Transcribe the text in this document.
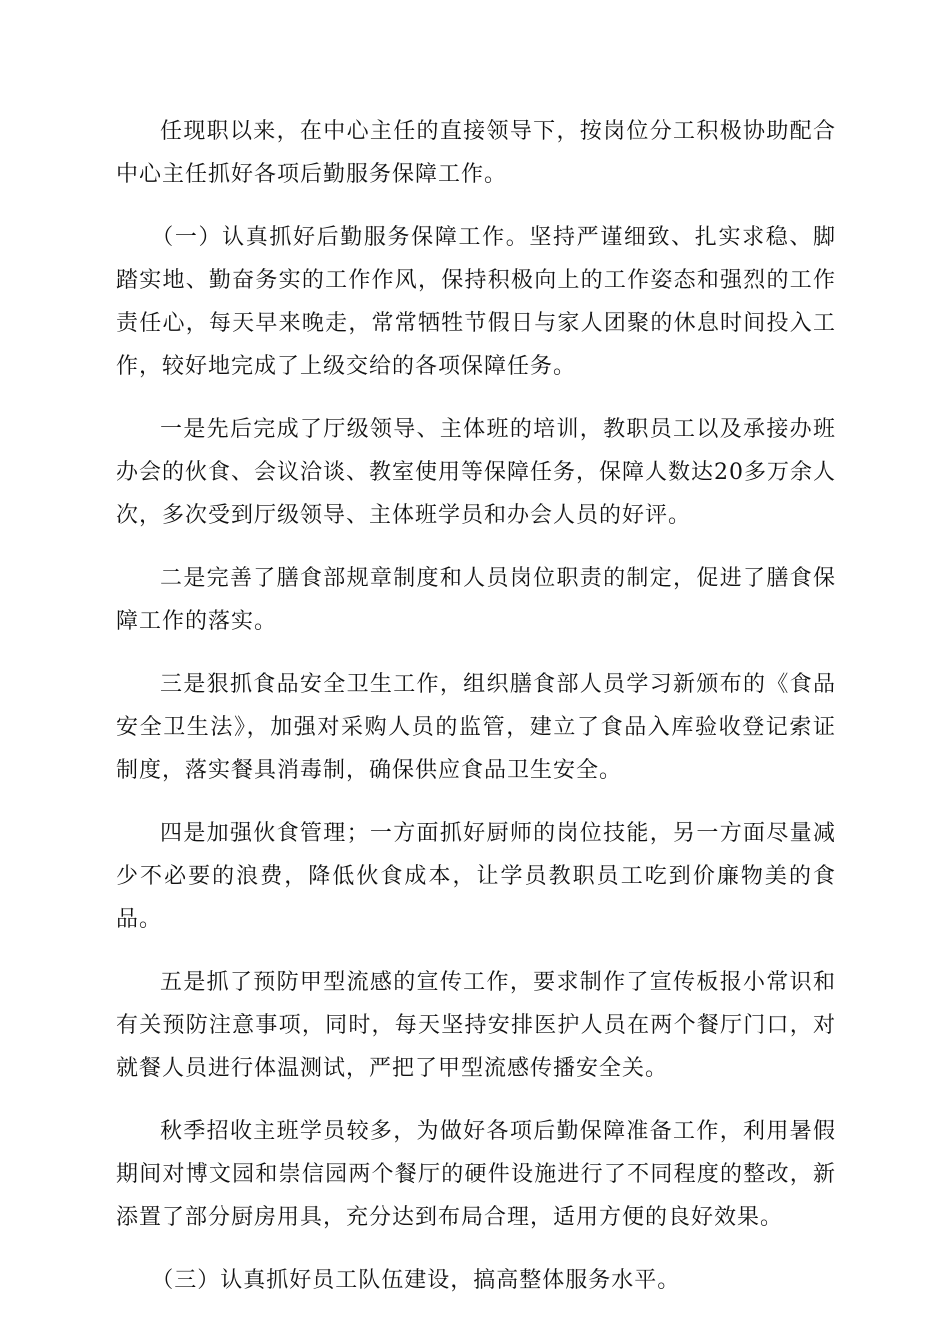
任现职以来，在中心主任的直接领导下，按岗位分工积极协助配合中心主任抓好各项后勤服务保障工作。

（一）认真抓好后勤服务保障工作。坚持严谨细致、扎实求稳、脚踏实地、勤奋务实的工作作风，保持积极向上的工作姿态和强烈的工作责任心，每天早来晚走，常常牺牲节假日与家人团聚的休息时间投入工作，较好地完成了上级交给的各项保障任务。

一是先后完成了厅级领导、主体班的培训，教职员工以及承接办班办会的伙食、会议洽谈、教室使用等保障任务，保障人数达20多万余人次，多次受到厅级领导、主体班学员和办会人员的好评。

二是完善了膳食部规章制度和人员岗位职责的制定，促进了膳食保障工作的落实。

三是狠抓食品安全卫生工作，组织膳食部人员学习新颁布的《食品安全卫生法》，加强对采购人员的监管，建立了食品入库验收登记索证制度，落实餐具消毒制，确保供应食品卫生安全。

四是加强伙食管理；一方面抓好厨师的岗位技能，另一方面尽量减少不必要的浪费，降低伙食成本，让学员教职员工吃到价廉物美的食品。

五是抓了预防甲型流感的宣传工作，要求制作了宣传板报小常识和有关预防注意事项，同时，每天坚持安排医护人员在两个餐厅门口，对就餐人员进行体温测试，严把了甲型流感传播安全关。

秋季招收主班学员较多，为做好各项后勤保障准备工作，利用暑假期间对博文园和崇信园两个餐厅的硬件设施进行了不同程度的整改，新添置了部分厨房用具，充分达到布局合理，适用方便的良好效果。

（三）认真抓好员工队伍建设，搞高整体服务水平。
